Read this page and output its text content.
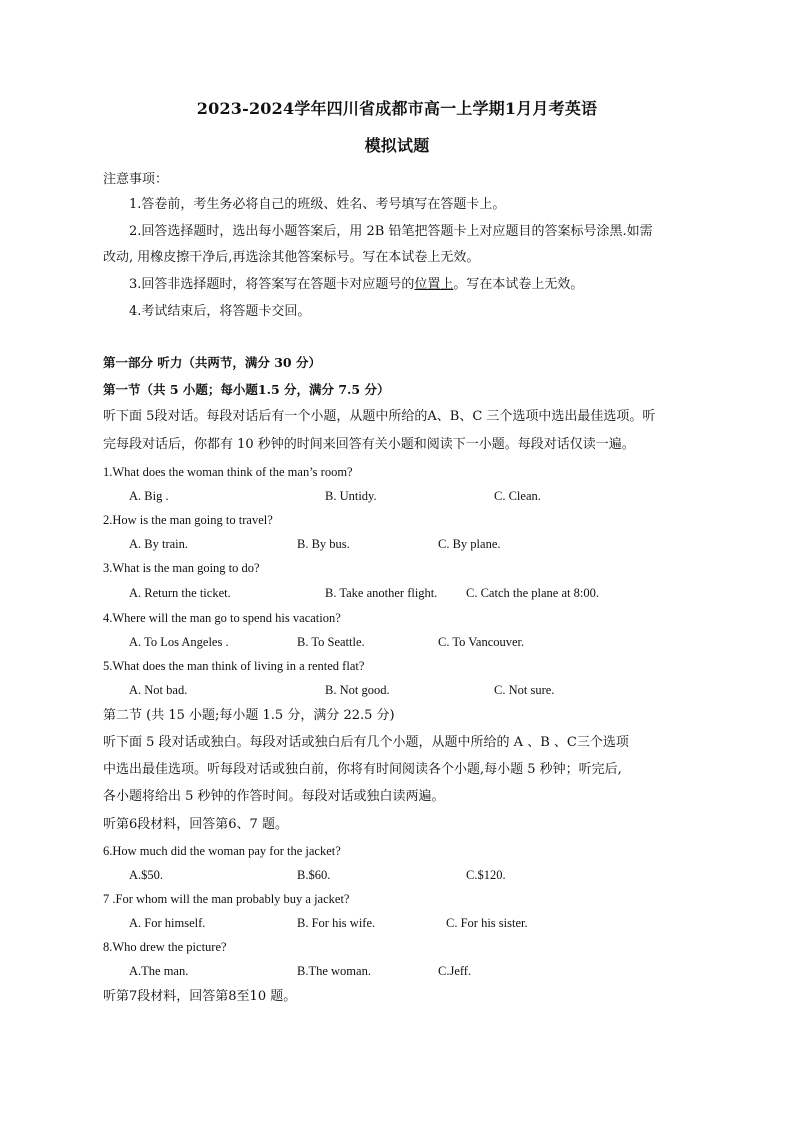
2023-2024学年四川省成都市高一上学期1月月考英语
模拟试题
注意事项：
1.答卷前，考生务必将自己的班级、姓名、考号填写在答题卡上。
2.回答选择题时，选出每小题答案后，用 2B 铅笔把答题卡上对应题目的答案标号涂黑.如需
改动, 用橡皮擦干净后,再选涂其他答案标号。写在本试卷上无效。
3.回答非选择题时，将答案写在答题卡对应题号的位置上。写在本试卷上无效。
4.考试结束后，将答题卡交回。
第一部分 听力（共两节，满分 30 分）
第一节（共 5 小题；每小题1.5 分，满分 7.5 分）
听下面 5段对话。每段对话后有一个小题，从题中所给的A、B、C 三个选项中选出最佳选项。听
完每段对话后，你都有 10 秒钟的时间来回答有关小题和阅读下一小题。每段对话仅读一遍。
1.What does the woman think of the man’s room?
A. Big .	B. Untidy.	C. Clean.
2.How is the man going to travel?
A. By train.	B. By bus.	C. By plane.
3.What is the man going to do?
A. Return the ticket.	B. Take another flight. C. Catch the plane at 8:00.
4.Where will the man go to spend his vacation?
A. To Los Angeles .	B. To Seattle.	C. To Vancouver.
5.What does the man think of living in a rented flat?
A. Not bad.	B. Not good.	C. Not sure.
第二节 (共 15 小题;每小题 1.5 分，满分 22.5 分)
听下面 5 段对话或独白。每段对话或独白后有几个小题，从题中所给的 A 、B 、C三个选项
中选出最佳选项。听每段对话或独白前，你将有时间阅读各个小题,每小题 5 秒钟；听完后,
各小题将给出 5 秒钟的作答时间。每段对话或独白读两遍。
听第6段材料，回答第6、7 题。
6.How much did the woman pay for the jacket?
A.$50.	B.$60.	C.$120.
7 .For whom will the man probably buy a jacket?
A. For himself.	B. For his wife.	C. For his sister.
8.Who drew the picture?
A.The man.	B.The woman.	C.Jeff.
听第7段材料，回答第8至10 题。
